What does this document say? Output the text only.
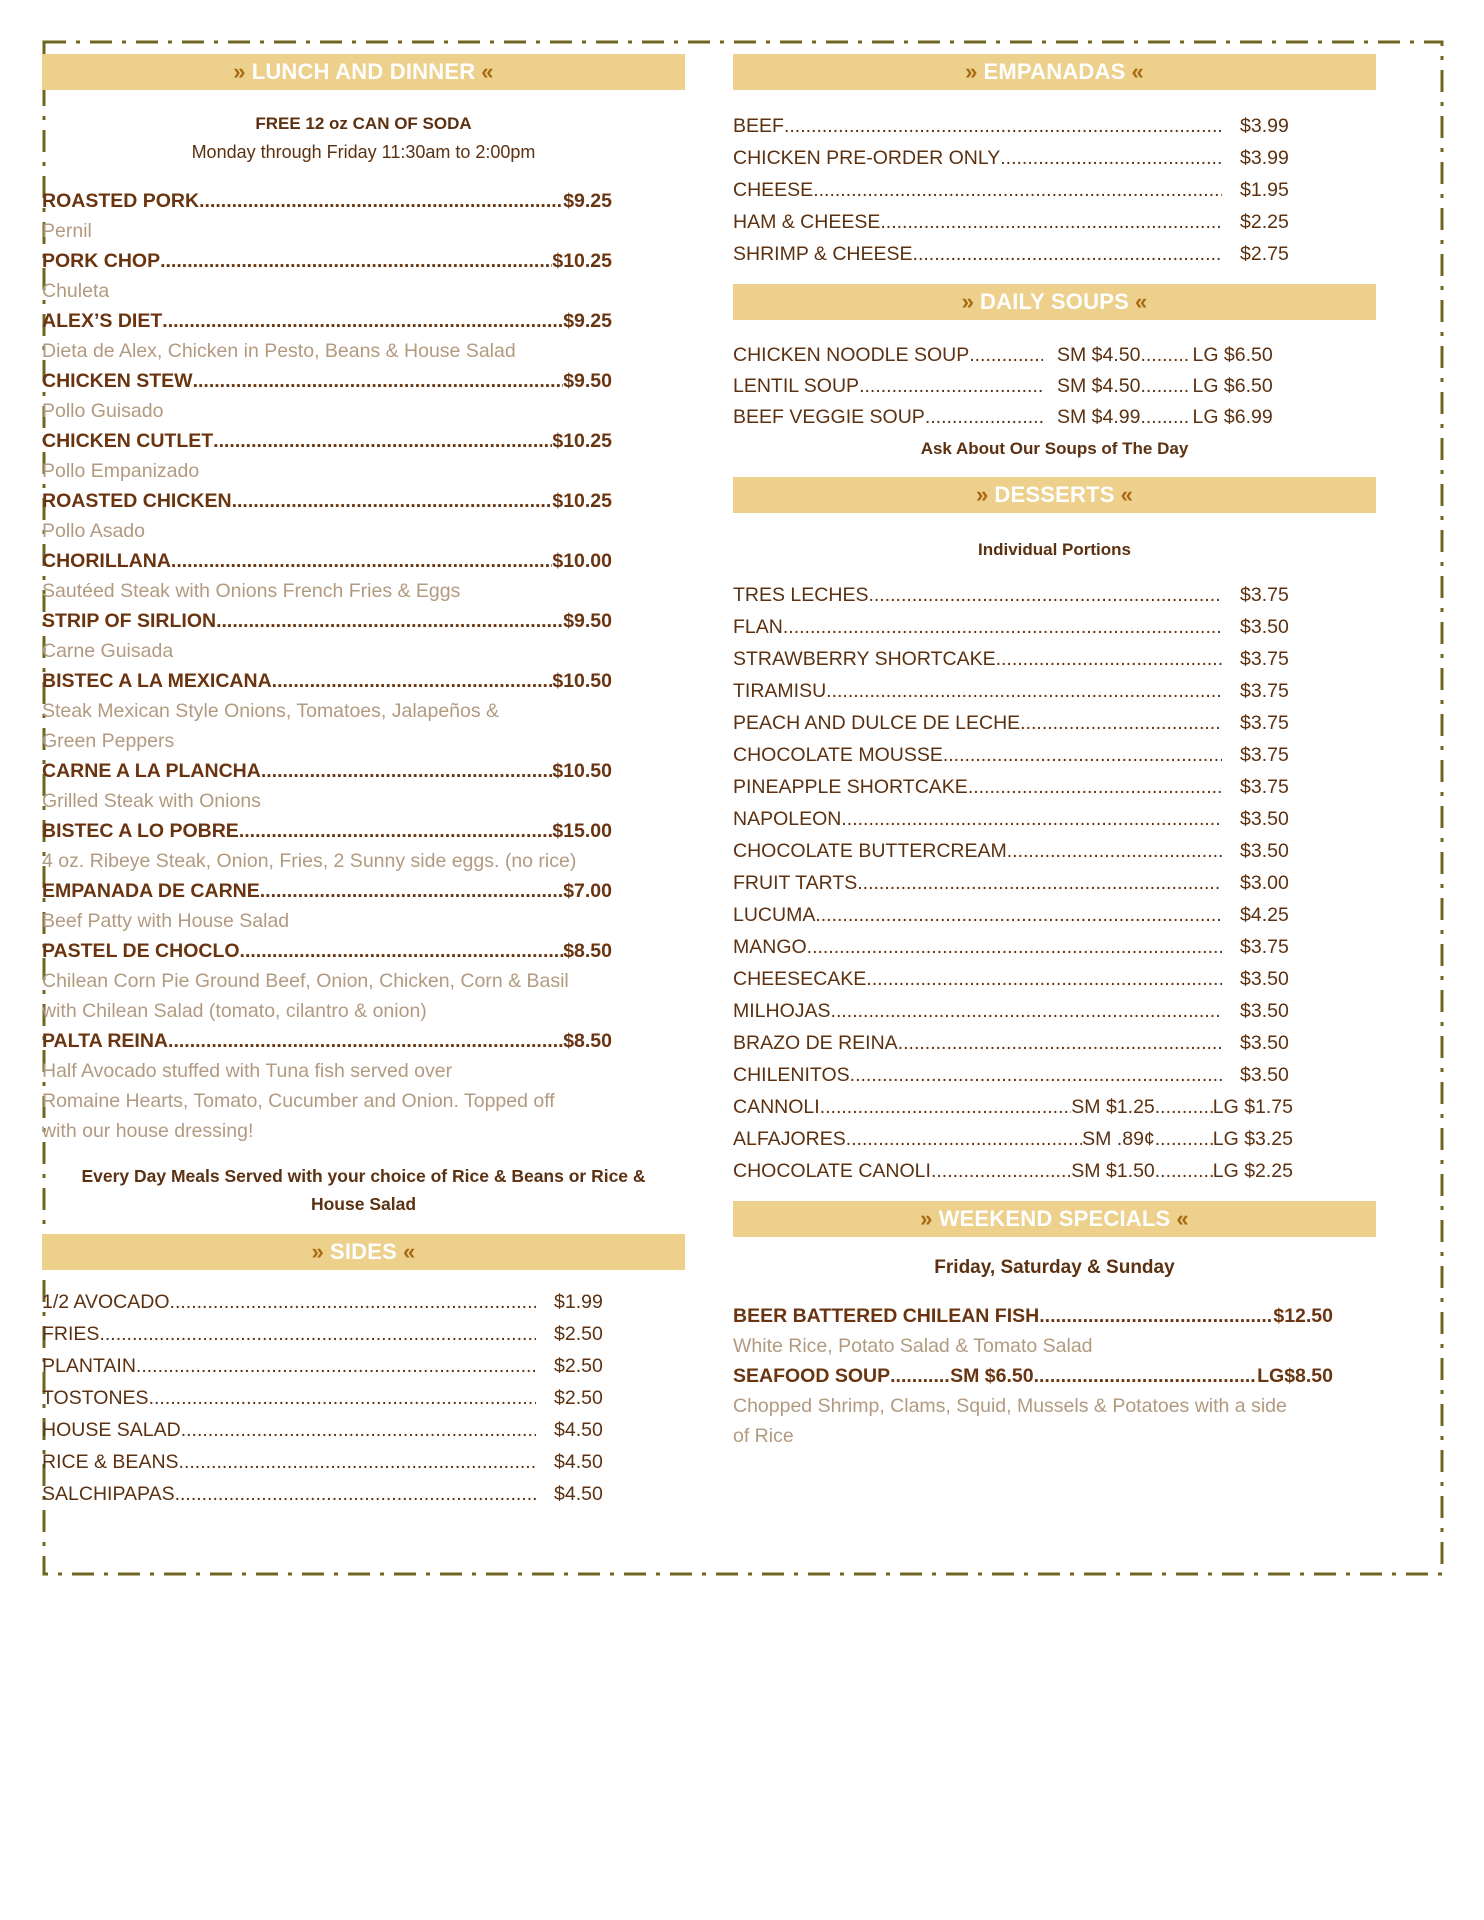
» LUNCH AND DINNER «
FREE 12 oz CAN OF SODA
Monday through Friday 11:30am to 2:00pm
ROASTED PORK .....	$9.25
Pernil
PORK CHOP .....	$10.25
Chuleta
ALEX’S DIET .....	$9.25
Dieta de Alex, Chicken in Pesto, Beans & House Salad
CHICKEN STEW .....	$9.50
Pollo Guisado
CHICKEN CUTLET .....	$10.25
Pollo Empanizado
ROASTED CHICKEN .....	$10.25
Pollo Asado
CHORILLANA .....	$10.00
Sautéed Steak with Onions French Fries & Eggs
STRIP OF SIRLION .....	$9.50
Carne Guisada
BISTEC A LA MEXICANA .....	$10.50
Steak Mexican Style Onions, Tomatoes, Jalapeños &
Green Peppers
CARNE A LA PLANCHA .....	$10.50
Grilled Steak with Onions
BISTEC A LO POBRE .....	$15.00
4 oz. Ribeye Steak, Onion, Fries, 2 Sunny side eggs. (no rice)
EMPANADA DE CARNE .....	$7.00
Beef Patty with House Salad
PASTEL DE CHOCLO .....	$8.50
Chilean Corn Pie Ground Beef, Onion, Chicken, Corn & Basil
with Chilean Salad (tomato, cilantro & onion)
PALTA REINA .....	$8.50
Half Avocado stuffed with Tuna fish served over
Romaine Hearts, Tomato, Cucumber and Onion. Topped off
with our house dressing!
Every Day Meals Served with your choice of Rice & Beans or Rice &
House Salad
» SIDES «
1/2 AVOCADO .....	$1.99
FRIES .....	$2.50
PLANTAIN .....	$2.50
TOSTONES .....	$2.50
HOUSE SALAD .....	$4.50
RICE & BEANS .....	$4.50
SALCHIPAPAS .....	$4.50
» EMPANADAS «
BEEF .....	$3.99
CHICKEN PRE-ORDER ONLY .....	$3.99
CHEESE .....	$1.95
HAM & CHEESE .....	$2.25
SHRIMP & CHEESE .....	$2.75
» DAILY SOUPS «
CHICKEN NOODLE SOUP .....	SM $4.50 .....	LG $6.50
LENTIL SOUP .....	SM $4.50 .....	LG $6.50
BEEF VEGGIE SOUP .....	SM $4.99 .....	LG $6.99
Ask About Our Soups of The Day
» DESSERTS «
Individual Portions
TRES LECHES .....	$3.75
FLAN .....	$3.50
STRAWBERRY SHORTCAKE .....	$3.75
TIRAMISU .....	$3.75
PEACH AND DULCE DE LECHE .....	$3.75
CHOCOLATE MOUSSE .....	$3.75
PINEAPPLE SHORTCAKE .....	$3.75
NAPOLEON .....	$3.50
CHOCOLATE BUTTERCREAM .....	$3.50
FRUIT TARTS .....	$3.00
LUCUMA .....	$4.25
MANGO .....	$3.75
CHEESECAKE .....	$3.50
MILHOJAS .....	$3.50
BRAZO DE REINA .....	$3.50
CHILENITOS .....	$3.50
CANNOLI .....	SM $1.25 .....	LG $1.75
ALFAJORES .....	SM .89¢ .....	LG $3.25
CHOCOLATE CANOLI .....	SM $1.50 .....	LG $2.25
» WEEKEND SPECIALS «
Friday, Saturday & Sunday
BEER BATTERED CHILEAN FISH .....	$12.50
White Rice, Potato Salad & Tomato Salad
SEAFOOD SOUP .....	SM $6.50 .....	LG$8.50
Chopped Shrimp, Clams, Squid, Mussels & Potatoes with a side
of Rice
